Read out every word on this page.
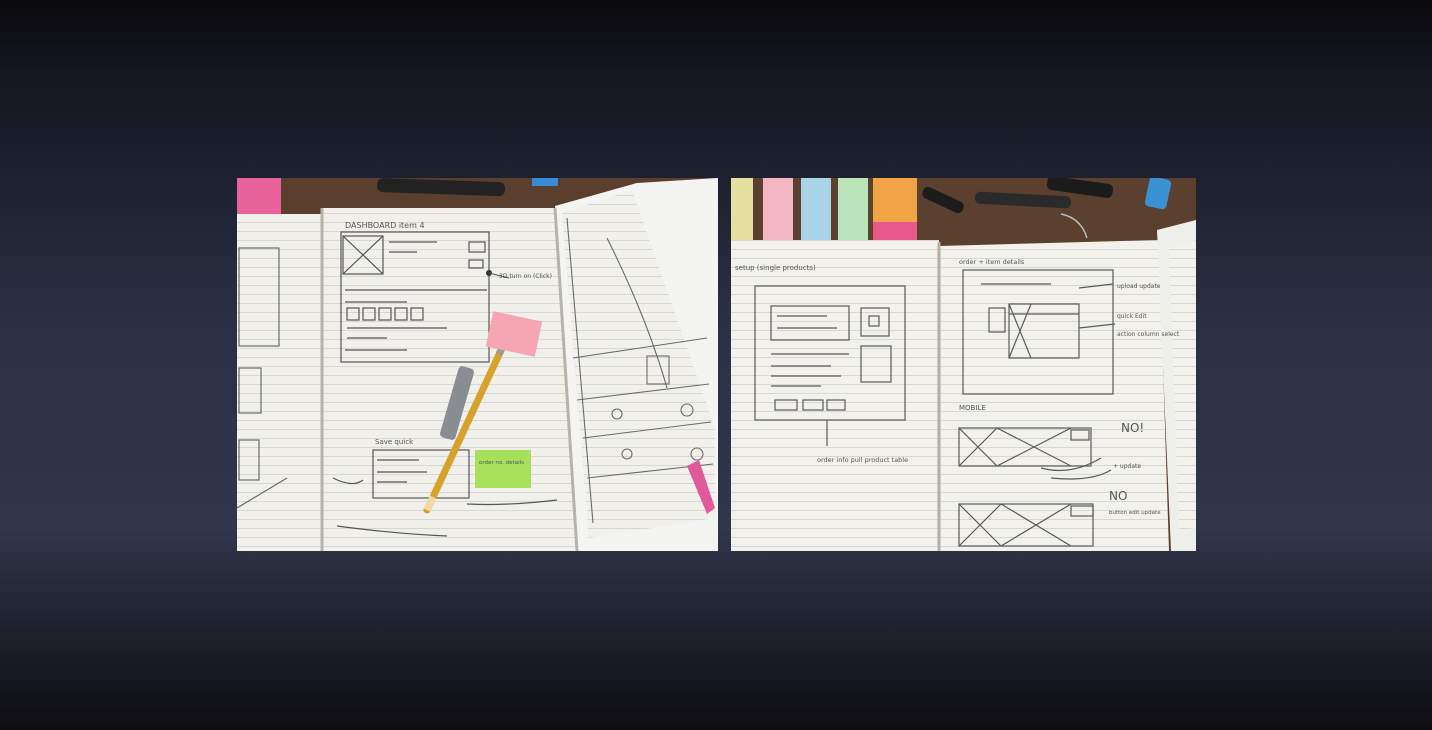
DASHBOARD item 4
3D turn on (Click)
Save quick
order no. details
setup (single products)
order info pull product table
order + item details
upload update
quick Edit
action column select
MOBILE
NO!
+ update
NO
button edit update
